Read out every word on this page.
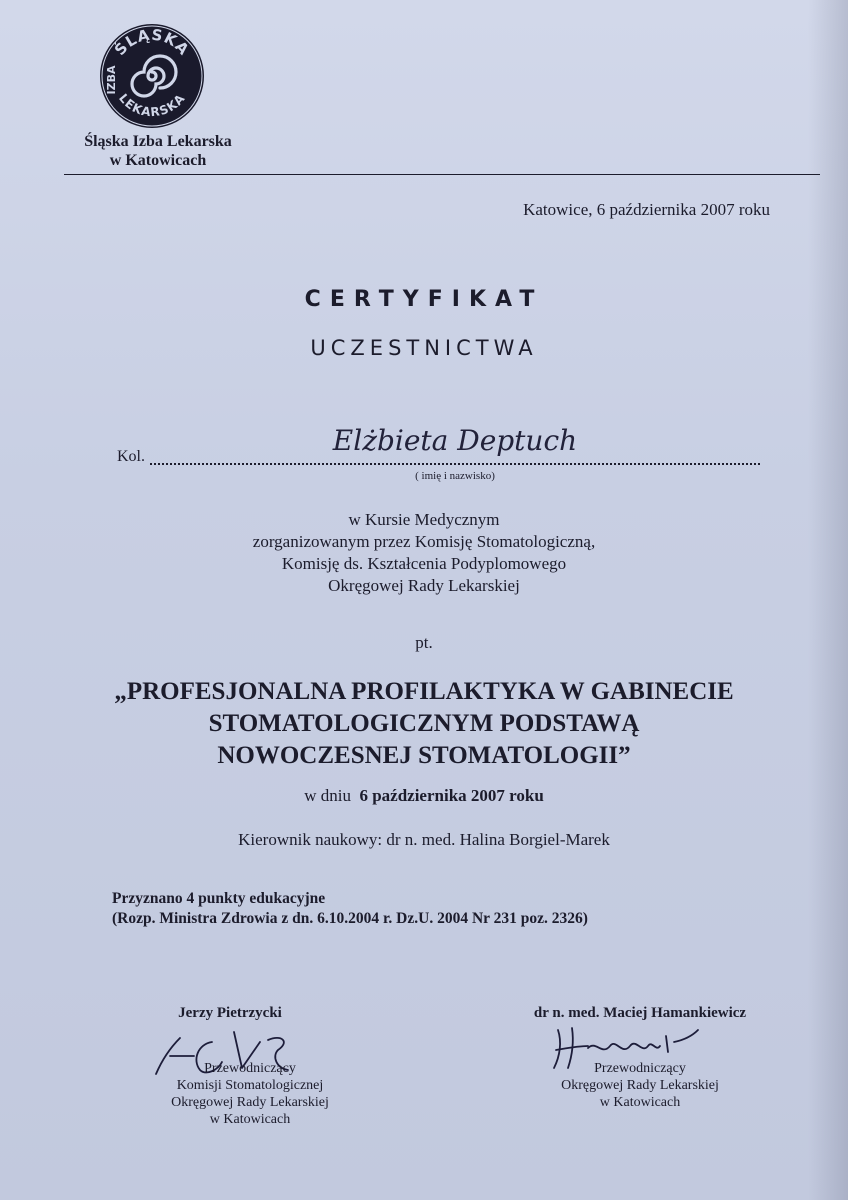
ŚLĄSKA
LEKARSKA
IZBA
Śląska Izba Lekarska
w Katowicach
Katowice, 6 października 2007 roku
CERTYFIKAT
UCZESTNICTWA
Kol.	Elżbieta Deptuch
( imię i nazwisko)
w Kursie Medycznym
zorganizowanym przez Komisję Stomatologiczną,
Komisję ds. Kształcenia Podyplomowego
Okręgowej Rady Lekarskiej
pt.
„PROFESJONALNA PROFILAKTYKA W GABINECIE
STOMATOLOGICZNYM PODSTAWĄ
NOWOCZESNEJ STOMATOLOGII”
w dniu 6 października 2007 roku
Kierownik naukowy: dr n. med. Halina Borgiel-Marek
Przyznano 4 punkty edukacyjne
(Rozp. Ministra Zdrowia z dn. 6.10.2004 r. Dz.U. 2004 Nr 231 poz. 2326)
Jerzy Pietrzycki
Przewodniczący
Komisji Stomatologicznej
Okręgowej Rady Lekarskiej
w Katowicach
dr n. med. Maciej Hamankiewicz
Przewodniczący
Okręgowej Rady Lekarskiej
w Katowicach
